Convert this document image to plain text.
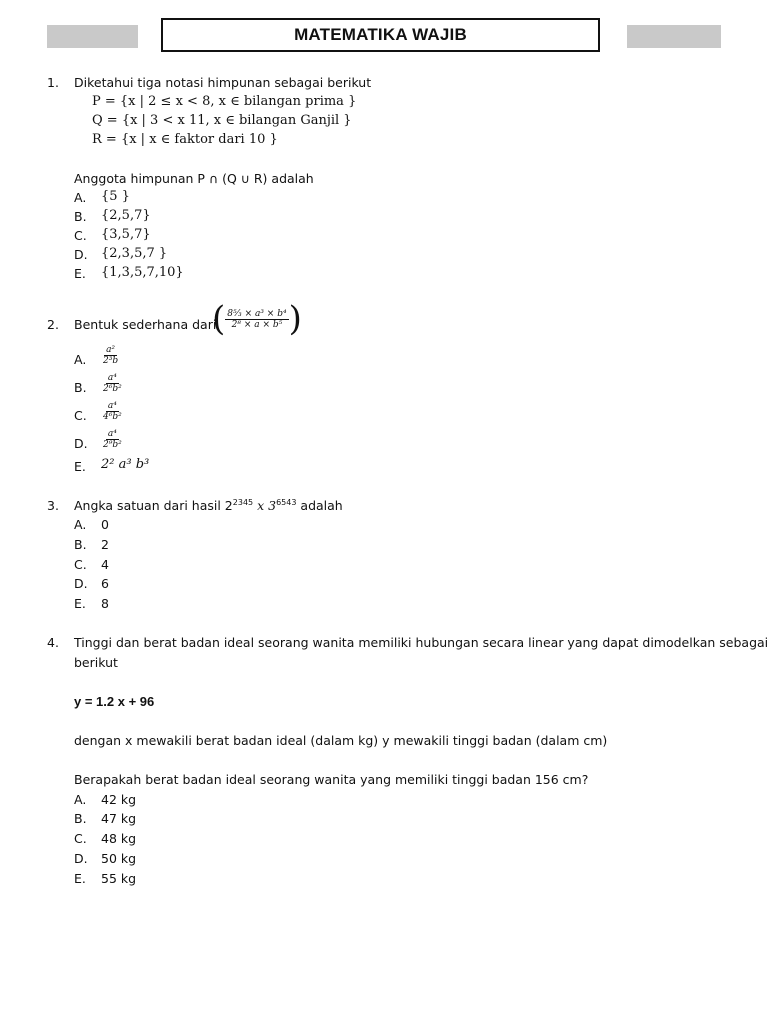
MATEMATIKA WAJIB
1. Diketahui tiga notasi himpunan sebagai berikut
P = {x | 2 ≤ x < 8, x ∈ bilangan prima }
Q = {x | 3 < x 11, x ∈ bilangan Ganjil }
R = {x | x ∈ faktor dari 10 }
Anggota himpunan P ∩ (Q ∪ R) adalah
A. {5 }
B. {2,5,7}
C. {3,5,7}
D. {2,3,5,7 }
E. {1,3,5,7,10}
2. Bentuk sederhana dari
( $\frac{\text{8⁵⁄₃ × a³ × b⁴}}{\text{2⁸ × a × b⁵}}$ )
A. $\frac{\text{a²}}{\text{2³b}}$
B. $\frac{\text{a⁴}}{\text{2⁶b²}}$
C. $\frac{\text{a⁴}}{\text{4⁶b²}}$
D. $\frac{\text{a⁴}}{\text{2⁹b²}}$
E. 2² a³ b³
3. Angka satuan dari hasil $2^{2345}$ x $3^{6543}$ adalah
A. 0
B. 2
C. 4
D. 6
E. 8
4. Tinggi dan berat badan ideal seorang wanita memiliki hubungan secara linear yang dapat dimodelkan sebagai
berikut
y = 1.2 x + 96
dengan x mewakili berat badan ideal (dalam kg) y mewakili tinggi badan (dalam cm)
Berapakah berat badan ideal seorang wanita yang memiliki tinggi badan 156 cm?
A. 42 kg
B. 47 kg
C. 48 kg
D. 50 kg
E. 55 kg
